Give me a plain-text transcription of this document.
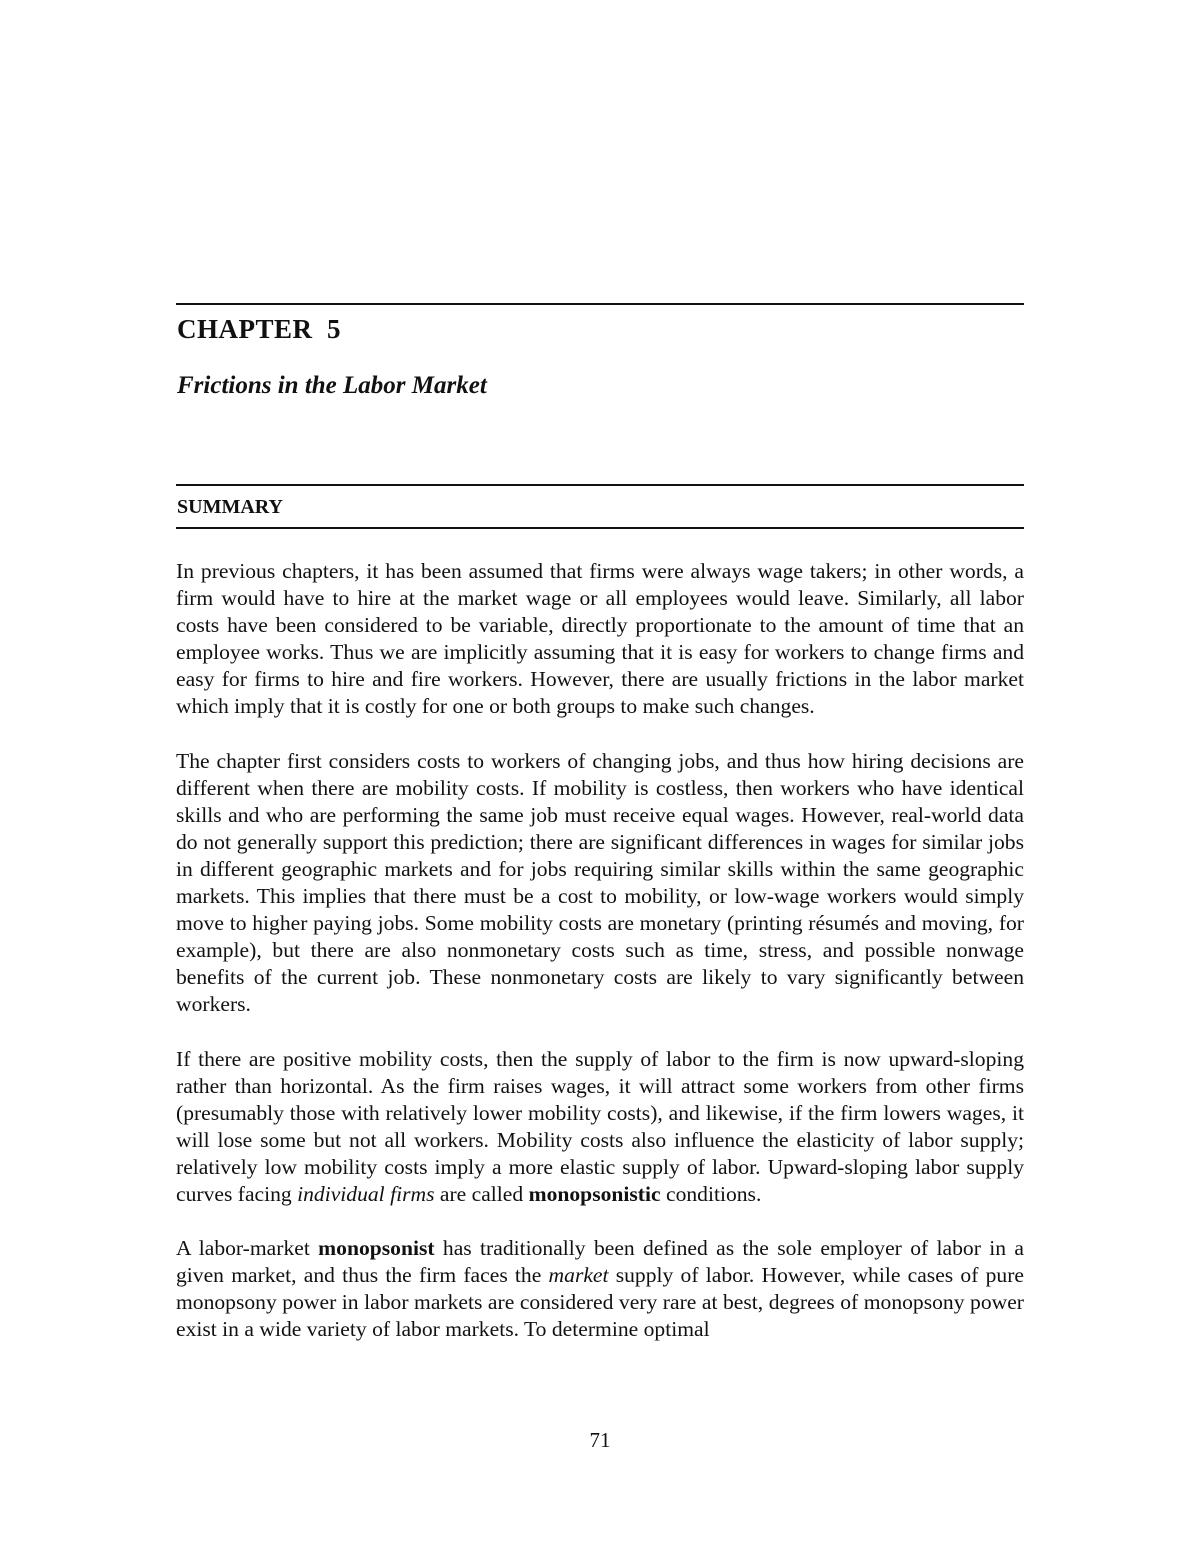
CHAPTER  5
Frictions in the Labor Market
SUMMARY

In previous chapters, it has been assumed that firms were always wage takers; in other words, a firm would have to hire at the market wage or all employees would leave. Similarly, all labor costs have been considered to be variable, directly proportionate to the amount of time that an employee works. Thus we are implicitly assuming that it is easy for workers to change firms and easy for firms to hire and fire workers. However, there are usually frictions in the labor market which imply that it is costly for one or both groups to make such changes.

The chapter first considers costs to workers of changing jobs, and thus how hiring decisions are different when there are mobility costs. If mobility is costless, then workers who have identical skills and who are performing the same job must receive equal wages. However, real-world data do not generally support this prediction; there are significant differences in wages for similar jobs in different geographic markets and for jobs requiring similar skills within the same geographic markets. This implies that there must be a cost to mobility, or low-wage workers would simply move to higher paying jobs. Some mobility costs are monetary (printing résumés and moving, for example), but there are also nonmonetary costs such as time, stress, and possible nonwage benefits of the current job. These nonmonetary costs are likely to vary significantly between workers.

If there are positive mobility costs, then the supply of labor to the firm is now upward-sloping rather than horizontal. As the firm raises wages, it will attract some workers from other firms (presumably those with relatively lower mobility costs), and likewise, if the firm lowers wages, it will lose some but not all workers. Mobility costs also influence the elasticity of labor supply; relatively low mobility costs imply a more elastic supply of labor. Upward-sloping labor supply curves facing individual firms are called monopsonistic conditions.

A labor-market monopsonist has traditionally been defined as the sole employer of labor in a given market, and thus the firm faces the market supply of labor. However, while cases of pure monopsony power in labor markets are considered very rare at best, degrees of monopsony power exist in a wide variety of labor markets. To determine optimal

71
